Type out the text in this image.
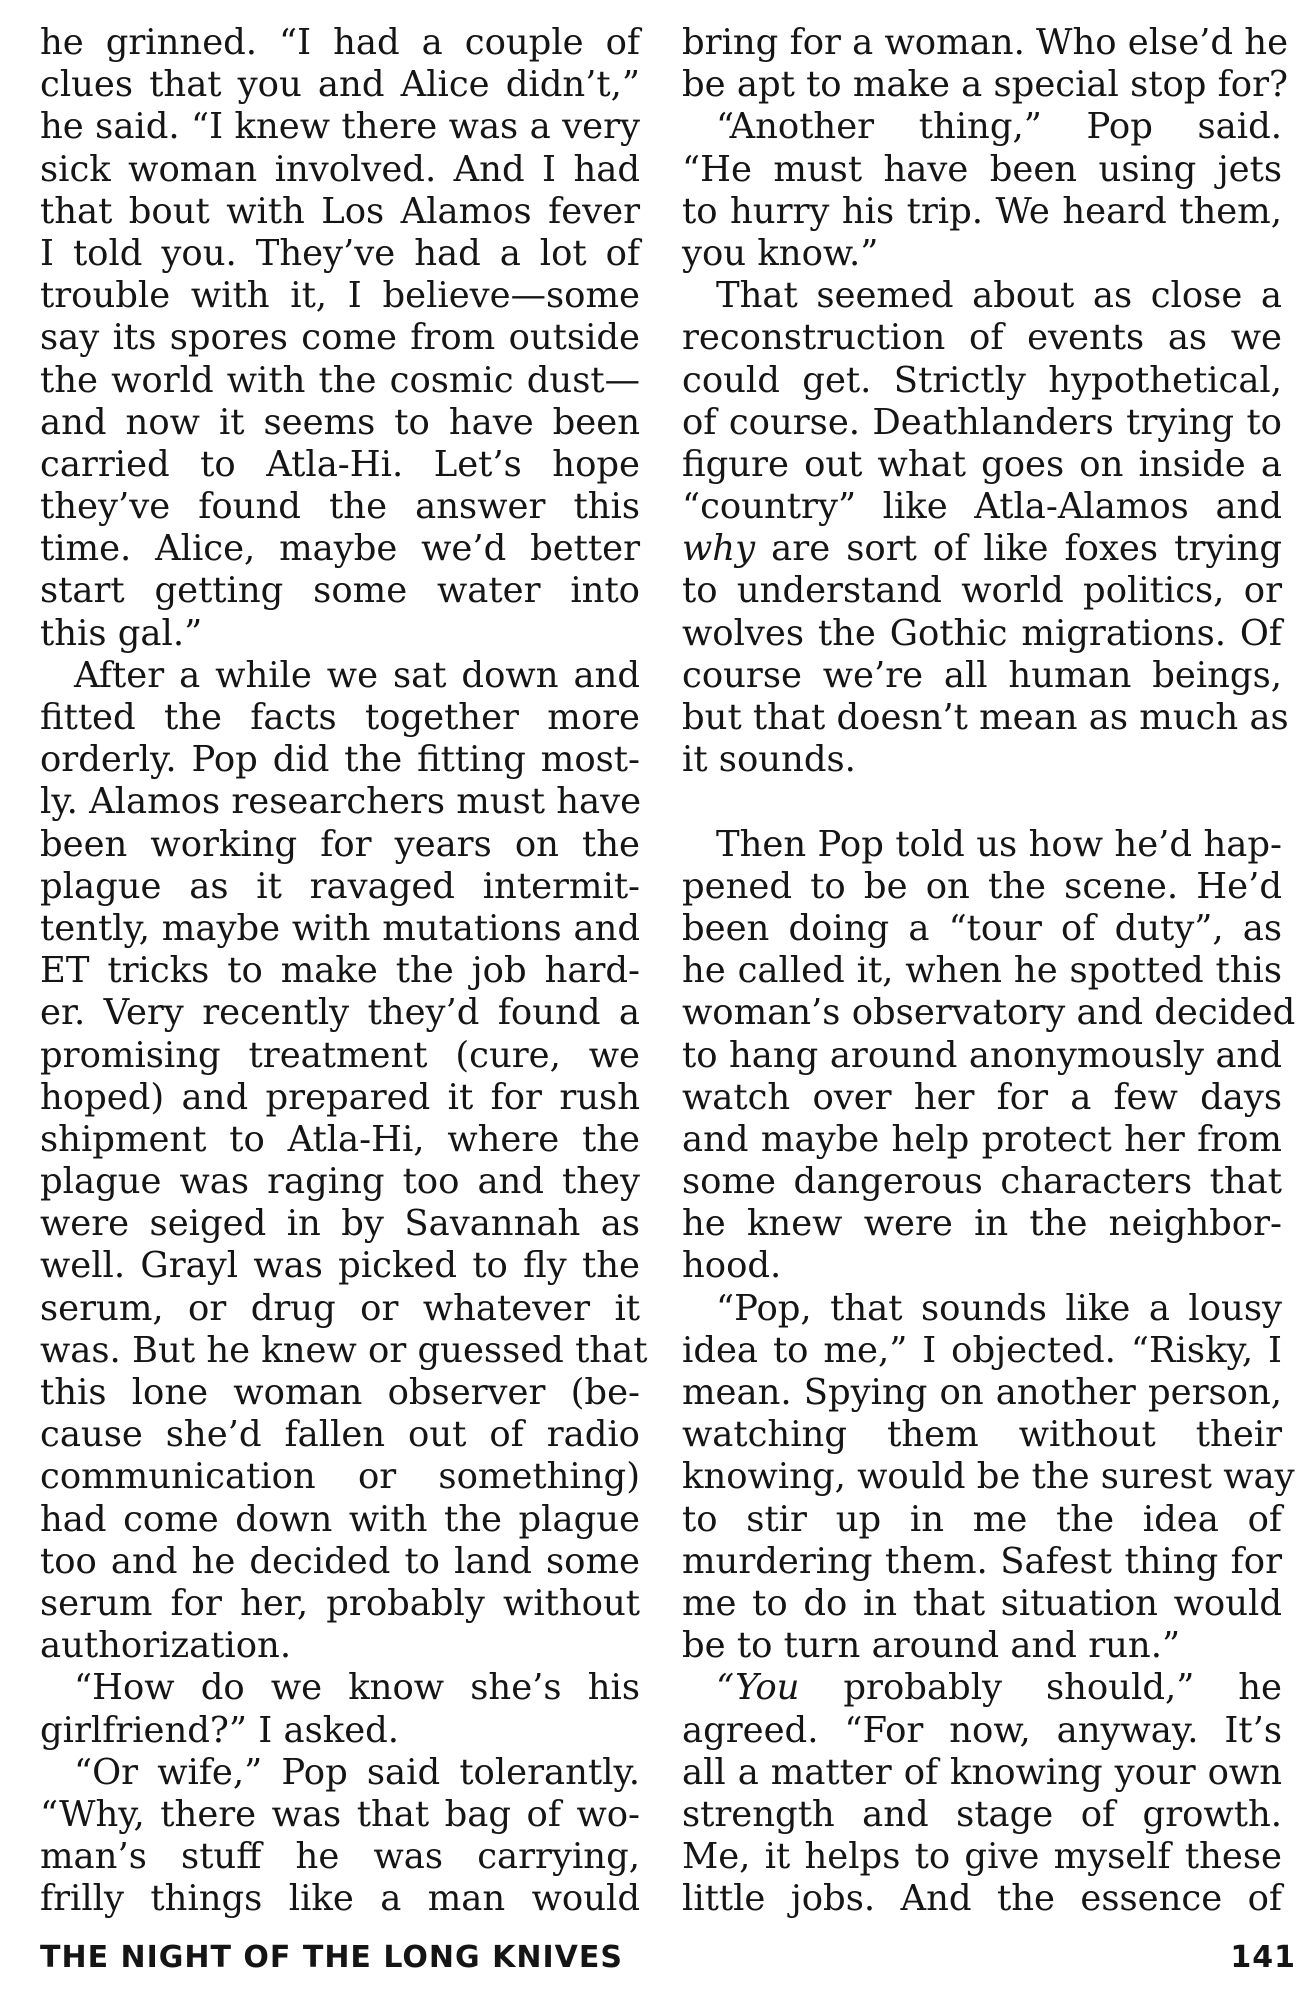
he grinned. “I had a couple of
clues that you and Alice didn’t,”
he said. “I knew there was a very
sick woman involved. And I had
that bout with Los Alamos fever
I told you. They’ve had a lot of
trouble with it, I believe—some
say its spores come from outside
the world with the cosmic dust—
and now it seems to have been
carried to Atla-Hi. Let’s hope
they’ve found the answer this
time. Alice, maybe we’d better
start getting some water into
this gal.”
After a while we sat down and
fitted the facts together more
orderly. Pop did the fitting most-
ly. Alamos researchers must have
been working for years on the
plague as it ravaged intermit-
tently, maybe with mutations and
ET tricks to make the job hard-
er. Very recently they’d found a
promising treatment (cure, we
hoped) and prepared it for rush
shipment to Atla-Hi, where the
plague was raging too and they
were seiged in by Savannah as
well. Grayl was picked to fly the
serum, or drug or whatever it
was. But he knew or guessed that
this lone woman observer (be-
cause she’d fallen out of radio
communication or something)
had come down with the plague
too and he decided to land some
serum for her, probably without
authorization.
“How do we know she’s his
girlfriend?” I asked.
“Or wife,” Pop said tolerantly.
“Why, there was that bag of wo-
man’s stuff he was carrying,
frilly things like a man would
bring for a woman. Who else’d he
be apt to make a special stop for?
“Another thing,” Pop said.
“He must have been using jets
to hurry his trip. We heard them,
you know.”
That seemed about as close a
reconstruction of events as we
could get. Strictly hypothetical,
of course. Deathlanders trying to
figure out what goes on inside a
“country” like Atla-Alamos and
why are sort of like foxes trying
to understand world politics, or
wolves the Gothic migrations. Of
course we’re all human beings,
but that doesn’t mean as much as
it sounds.
Then Pop told us how he’d hap-
pened to be on the scene. He’d
been doing a “tour of duty”, as
he called it, when he spotted this
woman’s observatory and decided
to hang around anonymously and
watch over her for a few days
and maybe help protect her from
some dangerous characters that
he knew were in the neighbor-
hood.
“Pop, that sounds like a lousy
idea to me,” I objected. “Risky, I
mean. Spying on another person,
watching them without their
knowing, would be the surest way
to stir up in me the idea of
murdering them. Safest thing for
me to do in that situation would
be to turn around and run.”
“You probably should,” he
agreed. “For now, anyway. It’s
all a matter of knowing your own
strength and stage of growth.
Me, it helps to give myself these
little jobs. And the essence of
THE NIGHT OF THE LONG KNIVES	141
